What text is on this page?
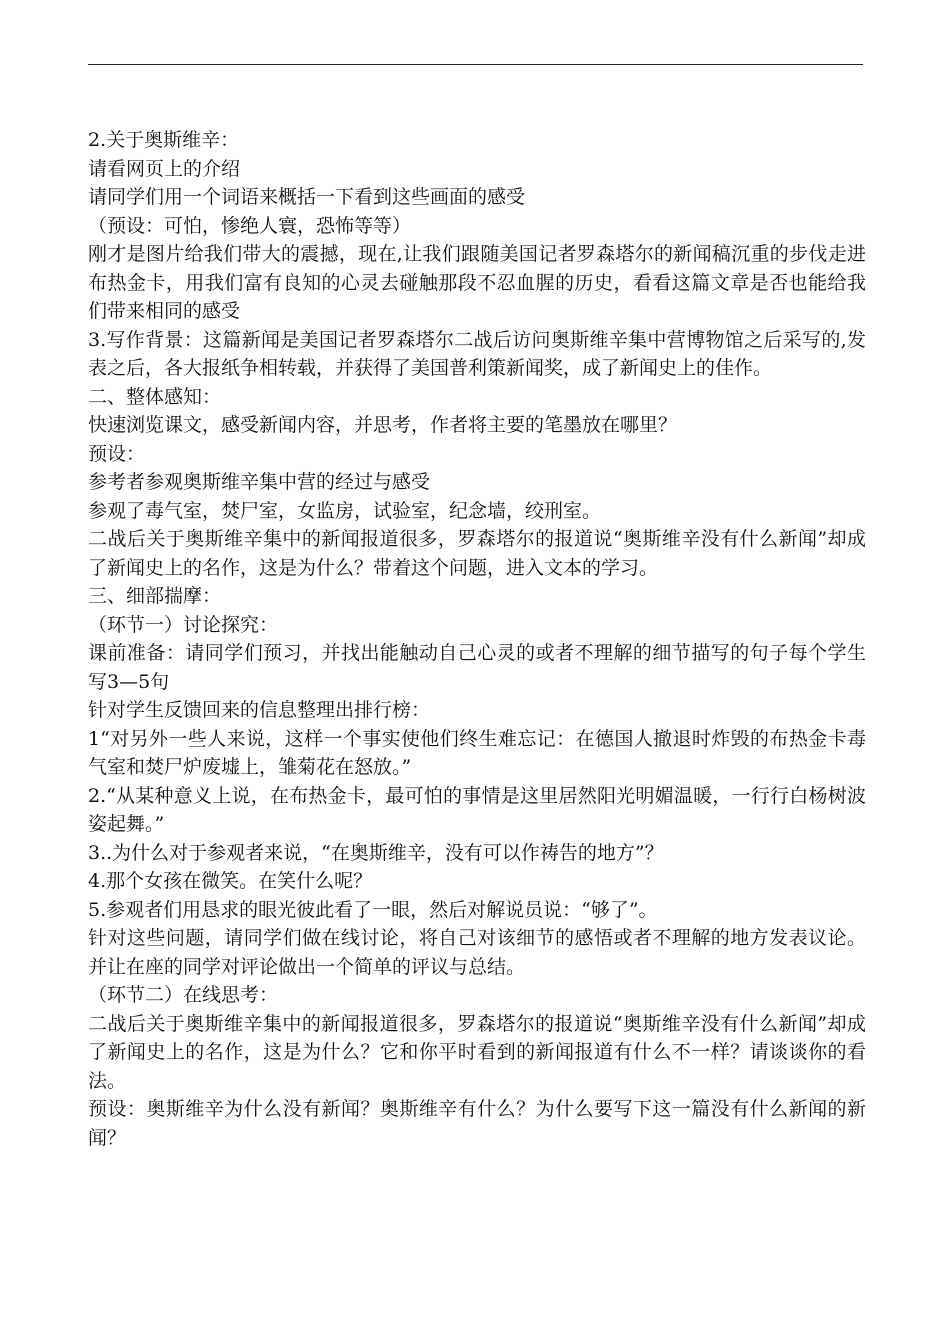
2.关于奥斯维辛：

请看网页上的介绍

请同学们用一个词语来概括一下看到这些画面的感受

（预设：可怕，惨绝人寰，恐怖等等）

刚才是图片给我们带大的震撼，现在,让我们跟随美国记者罗森塔尔的新闻稿沉重的步伐走进布热金卡，用我们富有良知的心灵去碰触那段不忍血腥的历史，看看这篇文章是否也能给我们带来相同的感受

3.写作背景：这篇新闻是美国记者罗森塔尔二战后访问奥斯维辛集中营博物馆之后采写的,发表之后，各大报纸争相转载，并获得了美国普利策新闻奖，成了新闻史上的佳作。

二、整体感知：

快速浏览课文，感受新闻内容，并思考，作者将主要的笔墨放在哪里？

预设：

参考者参观奥斯维辛集中营的经过与感受

参观了毒气室，焚尸室，女监房，试验室，纪念墙，绞刑室。

二战后关于奥斯维辛集中的新闻报道很多，罗森塔尔的报道说“奥斯维辛没有什么新闻”却成了新闻史上的名作，这是为什么？带着这个问题，进入文本的学习。

三、细部揣摩：

（环节一）讨论探究：

课前准备：请同学们预习，并找出能触动自己心灵的或者不理解的细节描写的句子每个学生写3—5句

针对学生反馈回来的信息整理出排行榜：

1“对另外一些人来说，这样一个事实使他们终生难忘记：在德国人撤退时炸毁的布热金卡毒气室和焚尸炉废墟上，雏菊花在怒放。”

2.“从某种意义上说，在布热金卡，最可怕的事情是这里居然阳光明媚温暖，一行行白杨树波姿起舞。”

3..为什么对于参观者来说，“在奥斯维辛，没有可以作祷告的地方”？

4.那个女孩在微笑。在笑什么呢？

5.参观者们用恳求的眼光彼此看了一眼，然后对解说员说：“够了”。

针对这些问题，请同学们做在线讨论，将自己对该细节的感悟或者不理解的地方发表议论。并让在座的同学对评论做出一个简单的评议与总结。

（环节二）在线思考：

二战后关于奥斯维辛集中的新闻报道很多，罗森塔尔的报道说“奥斯维辛没有什么新闻”却成了新闻史上的名作，这是为什么？它和你平时看到的新闻报道有什么不一样？请谈谈你的看法。

预设：奥斯维辛为什么没有新闻？奥斯维辛有什么？为什么要写下这一篇没有什么新闻的新闻？
